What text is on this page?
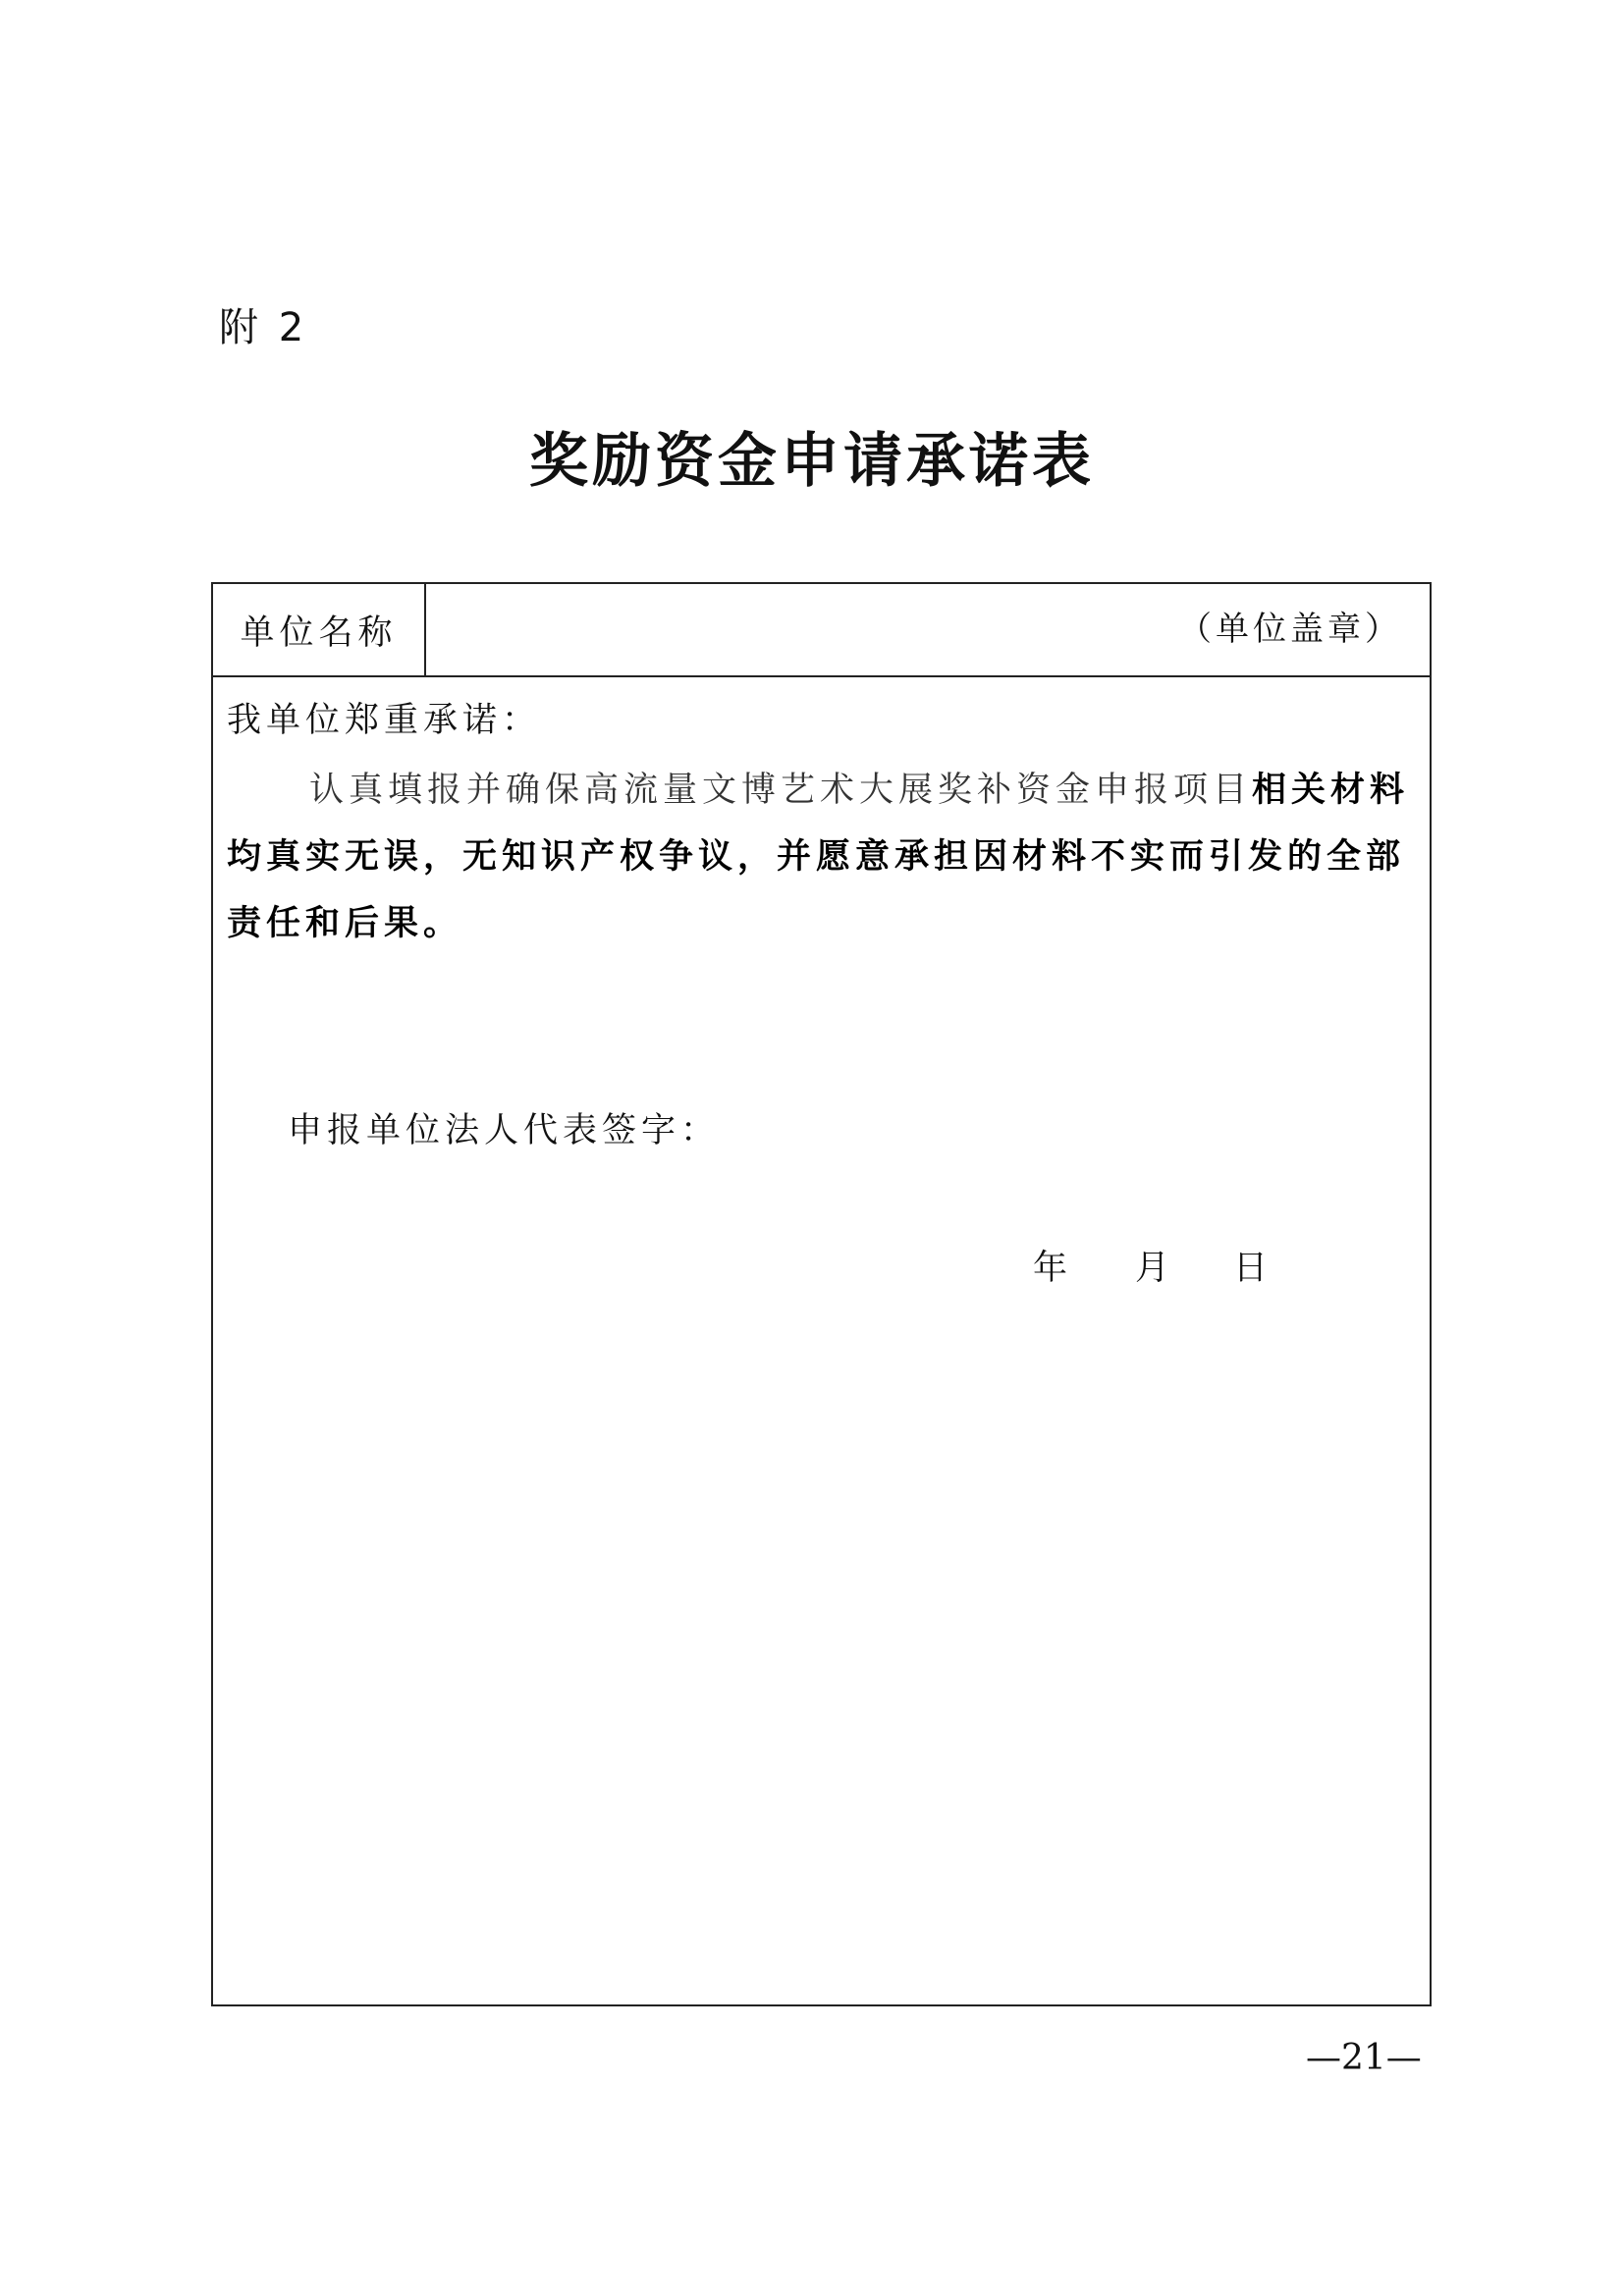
附 2
奖励资金申请承诺表
单位名称	（单位盖章）
我单位郑重承诺：
认真填报并确保高流量文博艺术大展奖补资金申报项目相关材料均真实无误，无知识产权争议，并愿意承担因材料不实而引发的全部责任和后果。
申报单位法人代表签字：
年 月 日
—21—
